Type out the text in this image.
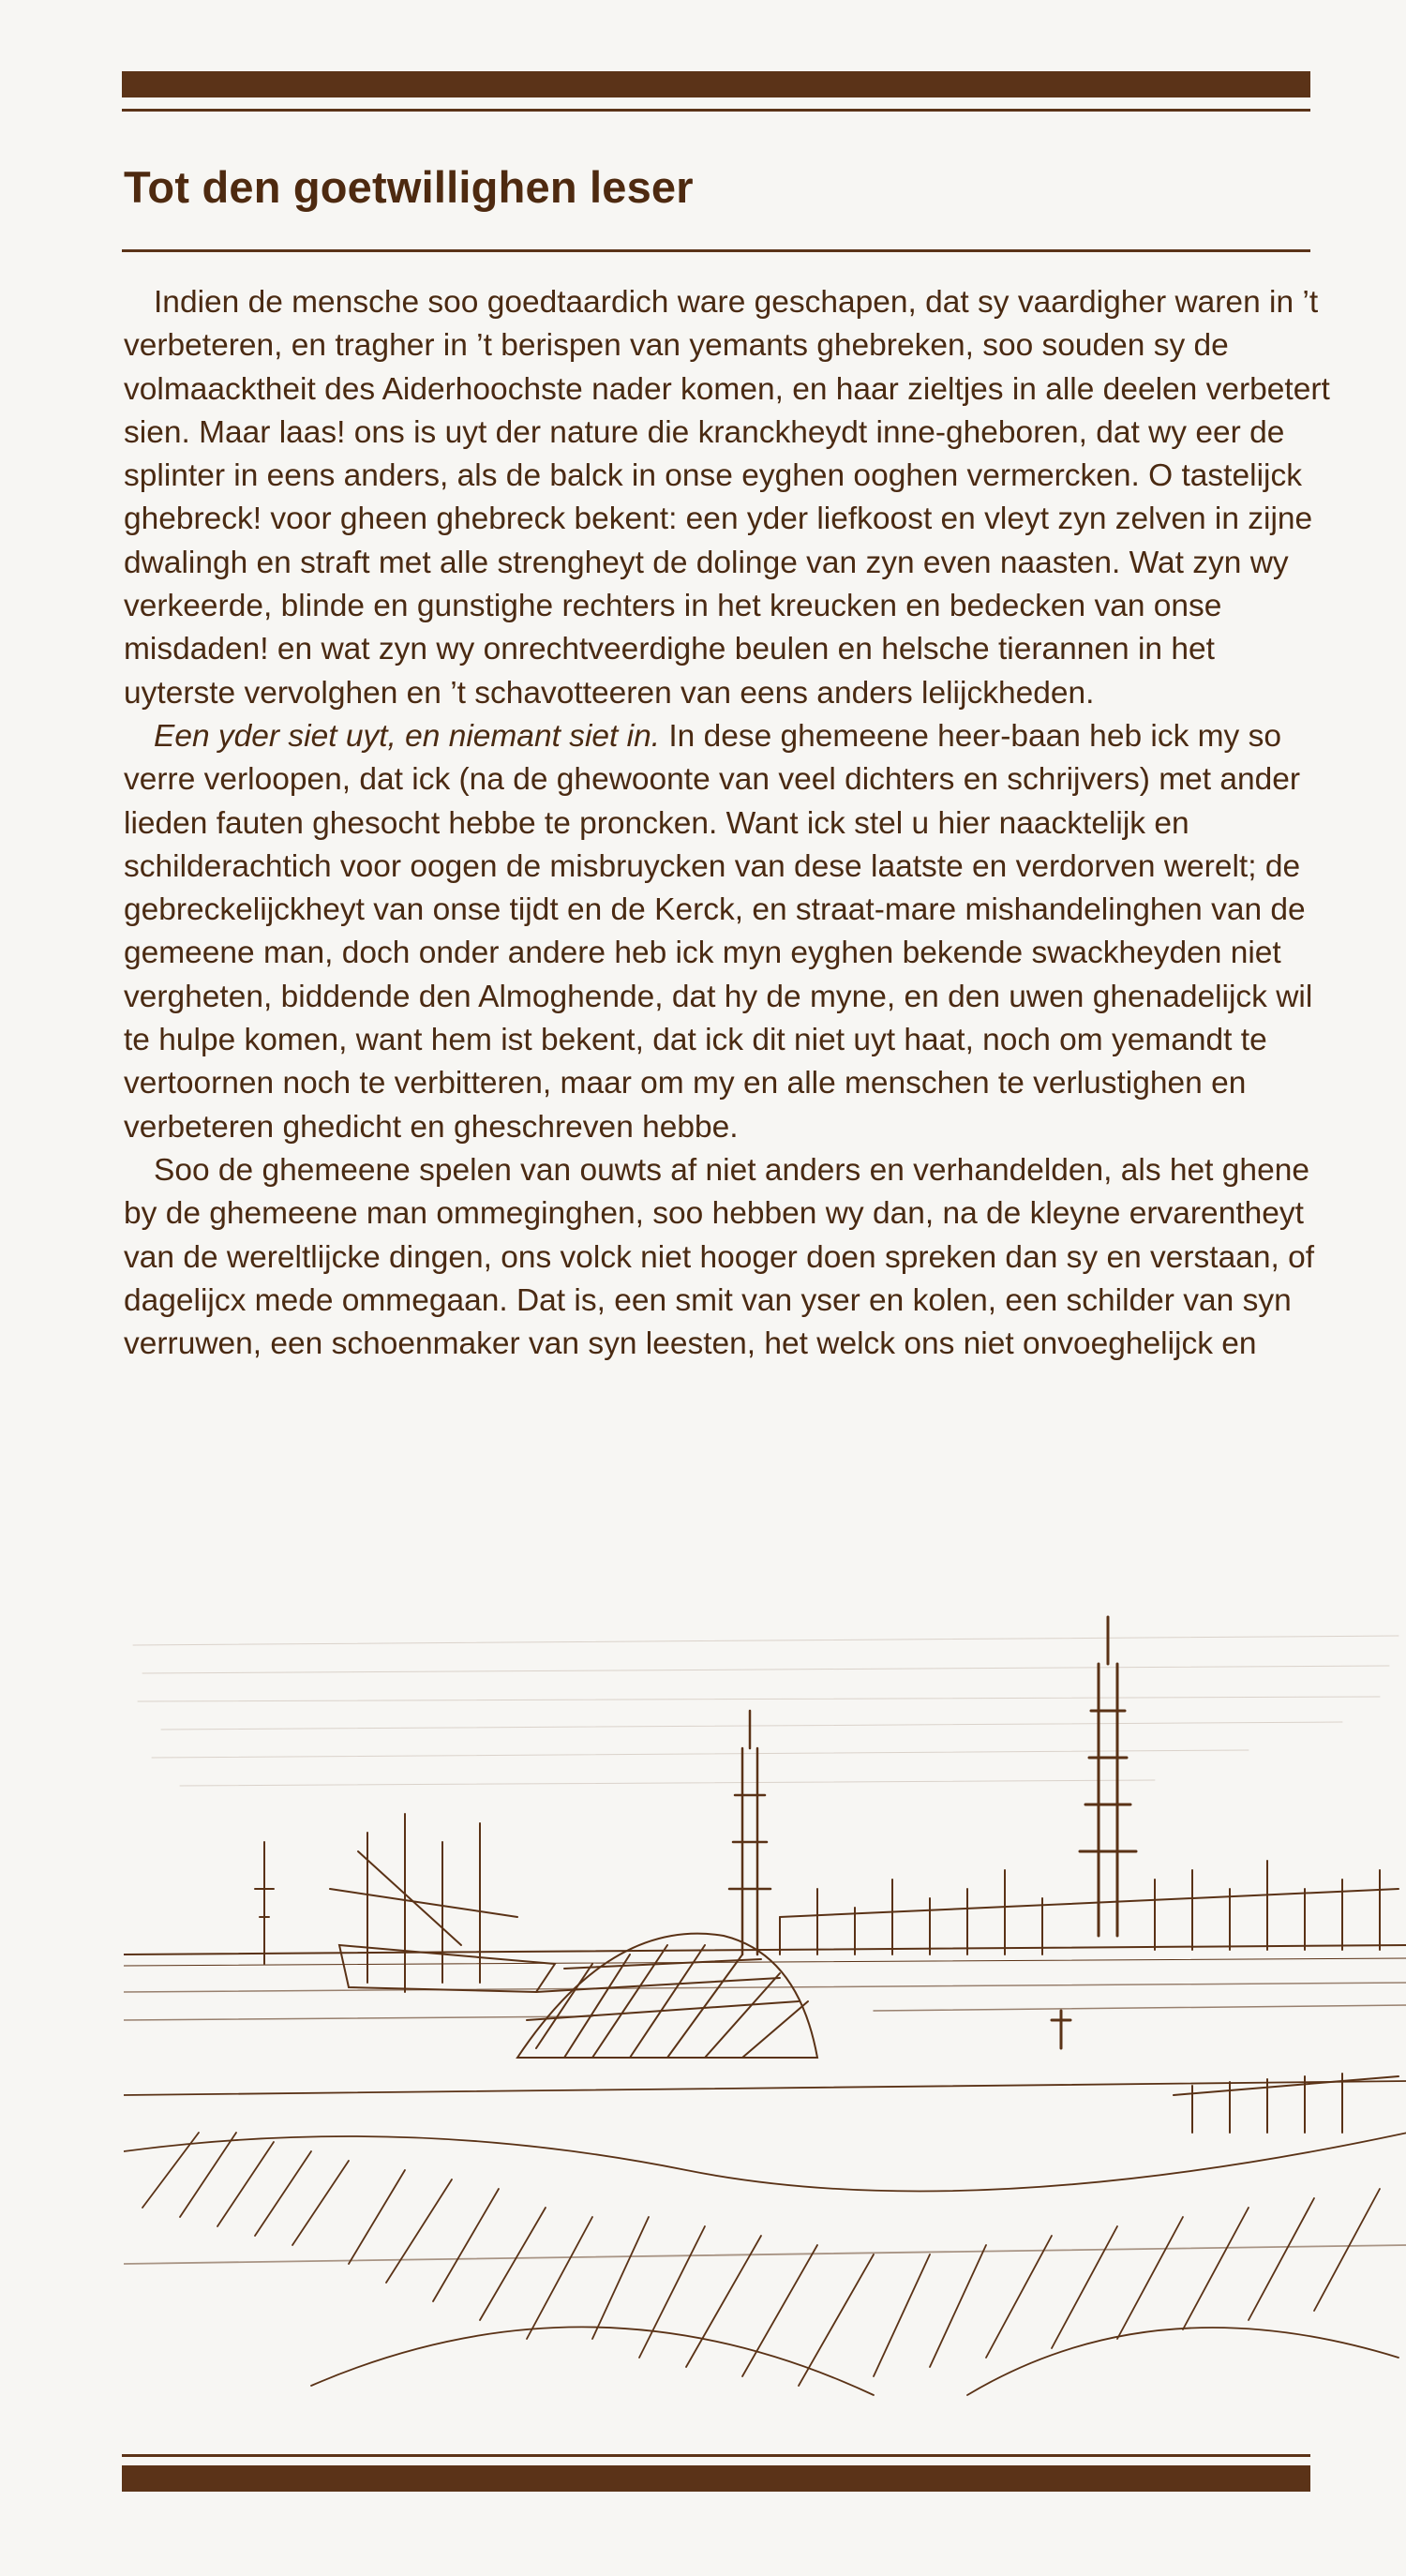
Tot den goetwillighen leser

Indien de mensche soo goedtaardich ware geschapen, dat sy vaardigher waren in ’t verbeteren, en tragher in ’t berispen van yemants ghebreken, soo souden sy de volmaacktheit des Aiderhoochste nader komen, en haar zieltjes in alle deelen verbetert sien. Maar laas! ons is uyt der nature die kranckheydt inne-gheboren, dat wy eer de splinter in eens anders, als de balck in onse eyghen ooghen vermercken. O tastelijck ghebreck! voor gheen ghebreck bekent: een yder liefkoost en vleyt zyn zelven in zijne dwalingh en straft met alle strengheyt de dolinge van zyn even naasten. Wat zyn wy verkeerde, blinde en gunstighe rechters in het kreucken en bedecken van onse misdaden! en wat zyn wy onrechtveerdighe beulen en helsche tierannen in het uyterste vervolghen en ’t schavotteeren van eens anders lelijckheden.

Een yder siet uyt, en niemant siet in. In dese ghemeene heer-baan heb ick my so verre verloopen, dat ick (na de ghewoonte van veel dichters en schrijvers) met ander lieden fauten ghesocht hebbe te proncken. Want ick stel u hier naacktelijk en schilderachtich voor oogen de misbruycken van dese laatste en verdorven werelt; de gebreckelijckheyt van onse tijdt en de Kerck, en straat-mare mishandelinghen van de gemeene man, doch onder andere heb ick myn eyghen bekende swackheyden niet vergheten, biddende den Almoghende, dat hy de myne, en den uwen ghenadelijck wil te hulpe komen, want hem ist bekent, dat ick dit niet uyt haat, noch om yemandt te vertoornen noch te verbitteren, maar om my en alle menschen te verlustighen en verbeteren ghedicht en gheschreven hebbe.

Soo de ghemeene spelen van ouwts af niet anders en verhandelden, als het ghene by de ghemeene man ommeginghen, soo hebben wy dan, na de kleyne ervarentheyt van de wereltlijcke dingen, ons volck niet hooger doen spreken dan sy en verstaan, of dagelijcx mede ommegaan. Dat is, een smit van yser en kolen, een schilder van syn verruwen, een schoenmaker van syn leesten, het welck ons niet onvoeghelijck en
